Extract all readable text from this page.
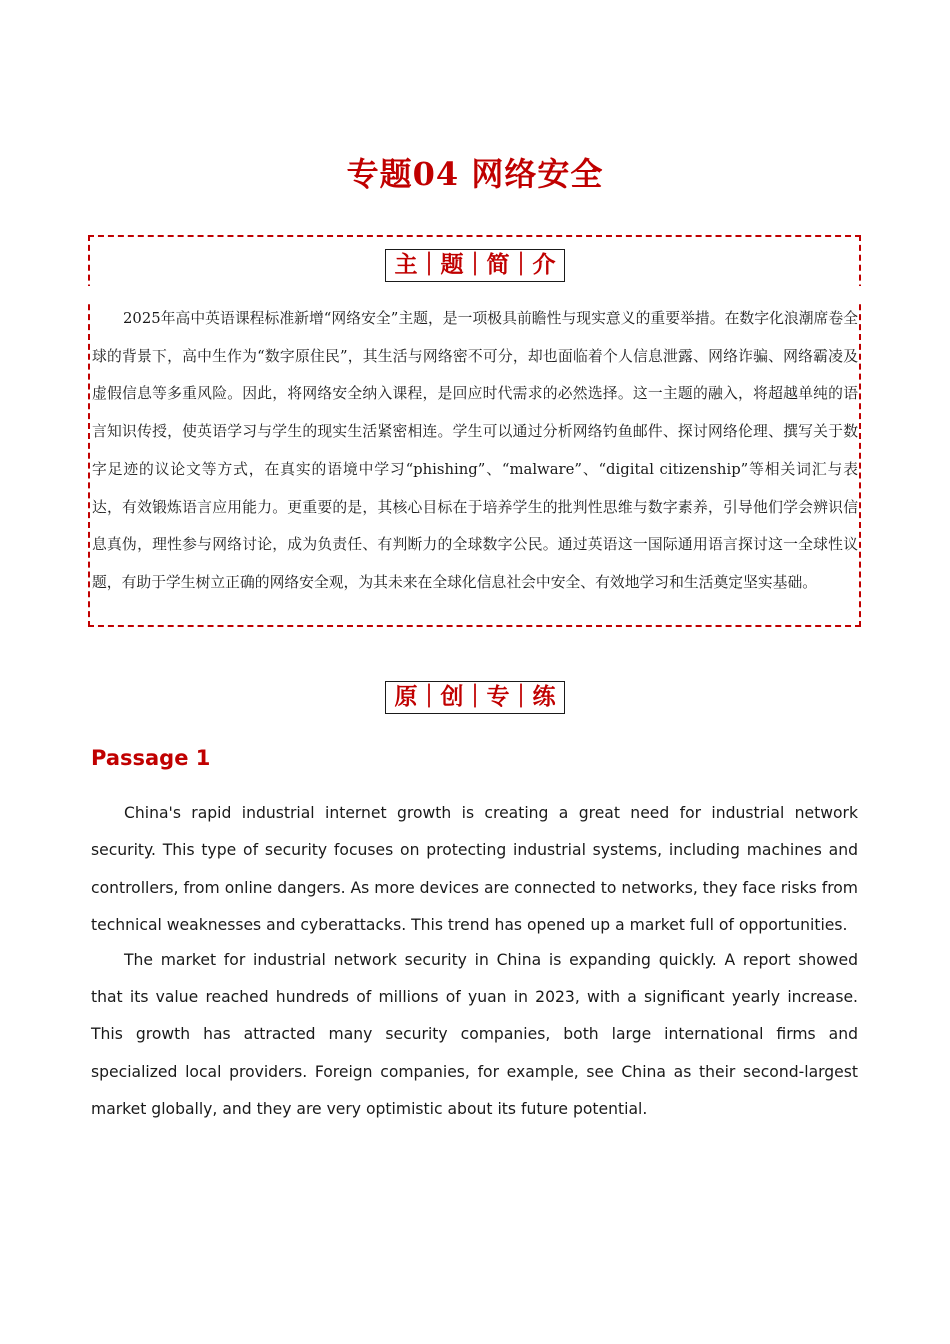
专题04 网络安全
主｜题｜简｜介

2025年高中英语课程标准新增“网络安全”主题，是一项极具前瞻性与现实意义的重要举措。在数字化浪潮席卷全球的背景下，高中生作为“数字原住民”，其生活与网络密不可分，却也面临着个人信息泄露、网络诈骗、网络霸凌及虚假信息等多重风险。因此，将网络安全纳入课程，是回应时代需求的必然选择。这一主题的融入，将超越单纯的语言知识传授，使英语学习与学生的现实生活紧密相连。学生可以通过分析网络钓鱼邮件、探讨网络伦理、撰写关于数字足迹的议论文等方式，在真实的语境中学习“phishing”、“malware”、“digital citizenship”等相关词汇与表达，有效锻炼语言应用能力。更重要的是，其核心目标在于培养学生的批判性思维与数字素养，引导他们学会辨识信息真伪，理性参与网络讨论，成为负责任、有判断力的全球数字公民。通过英语这一国际通用语言探讨这一全球性议题，有助于学生树立正确的网络安全观，为其未来在全球化信息社会中安全、有效地学习和生活奠定坚实基础。

原｜创｜专｜练
Passage 1

China's rapid industrial internet growth is creating a great need for industrial network security. This type of security focuses on protecting industrial systems, including machines and controllers, from online dangers. As more devices are connected to networks, they face risks from technical weaknesses and cyberattacks. This trend has opened up a market full of opportunities.

The market for industrial network security in China is expanding quickly. A report showed that its value reached hundreds of millions of yuan in 2023, with a significant yearly increase. This growth has attracted many security companies, both large international firms and specialized local providers. Foreign companies, for example, see China as their second-largest market globally, and they are very optimistic about its future potential.
